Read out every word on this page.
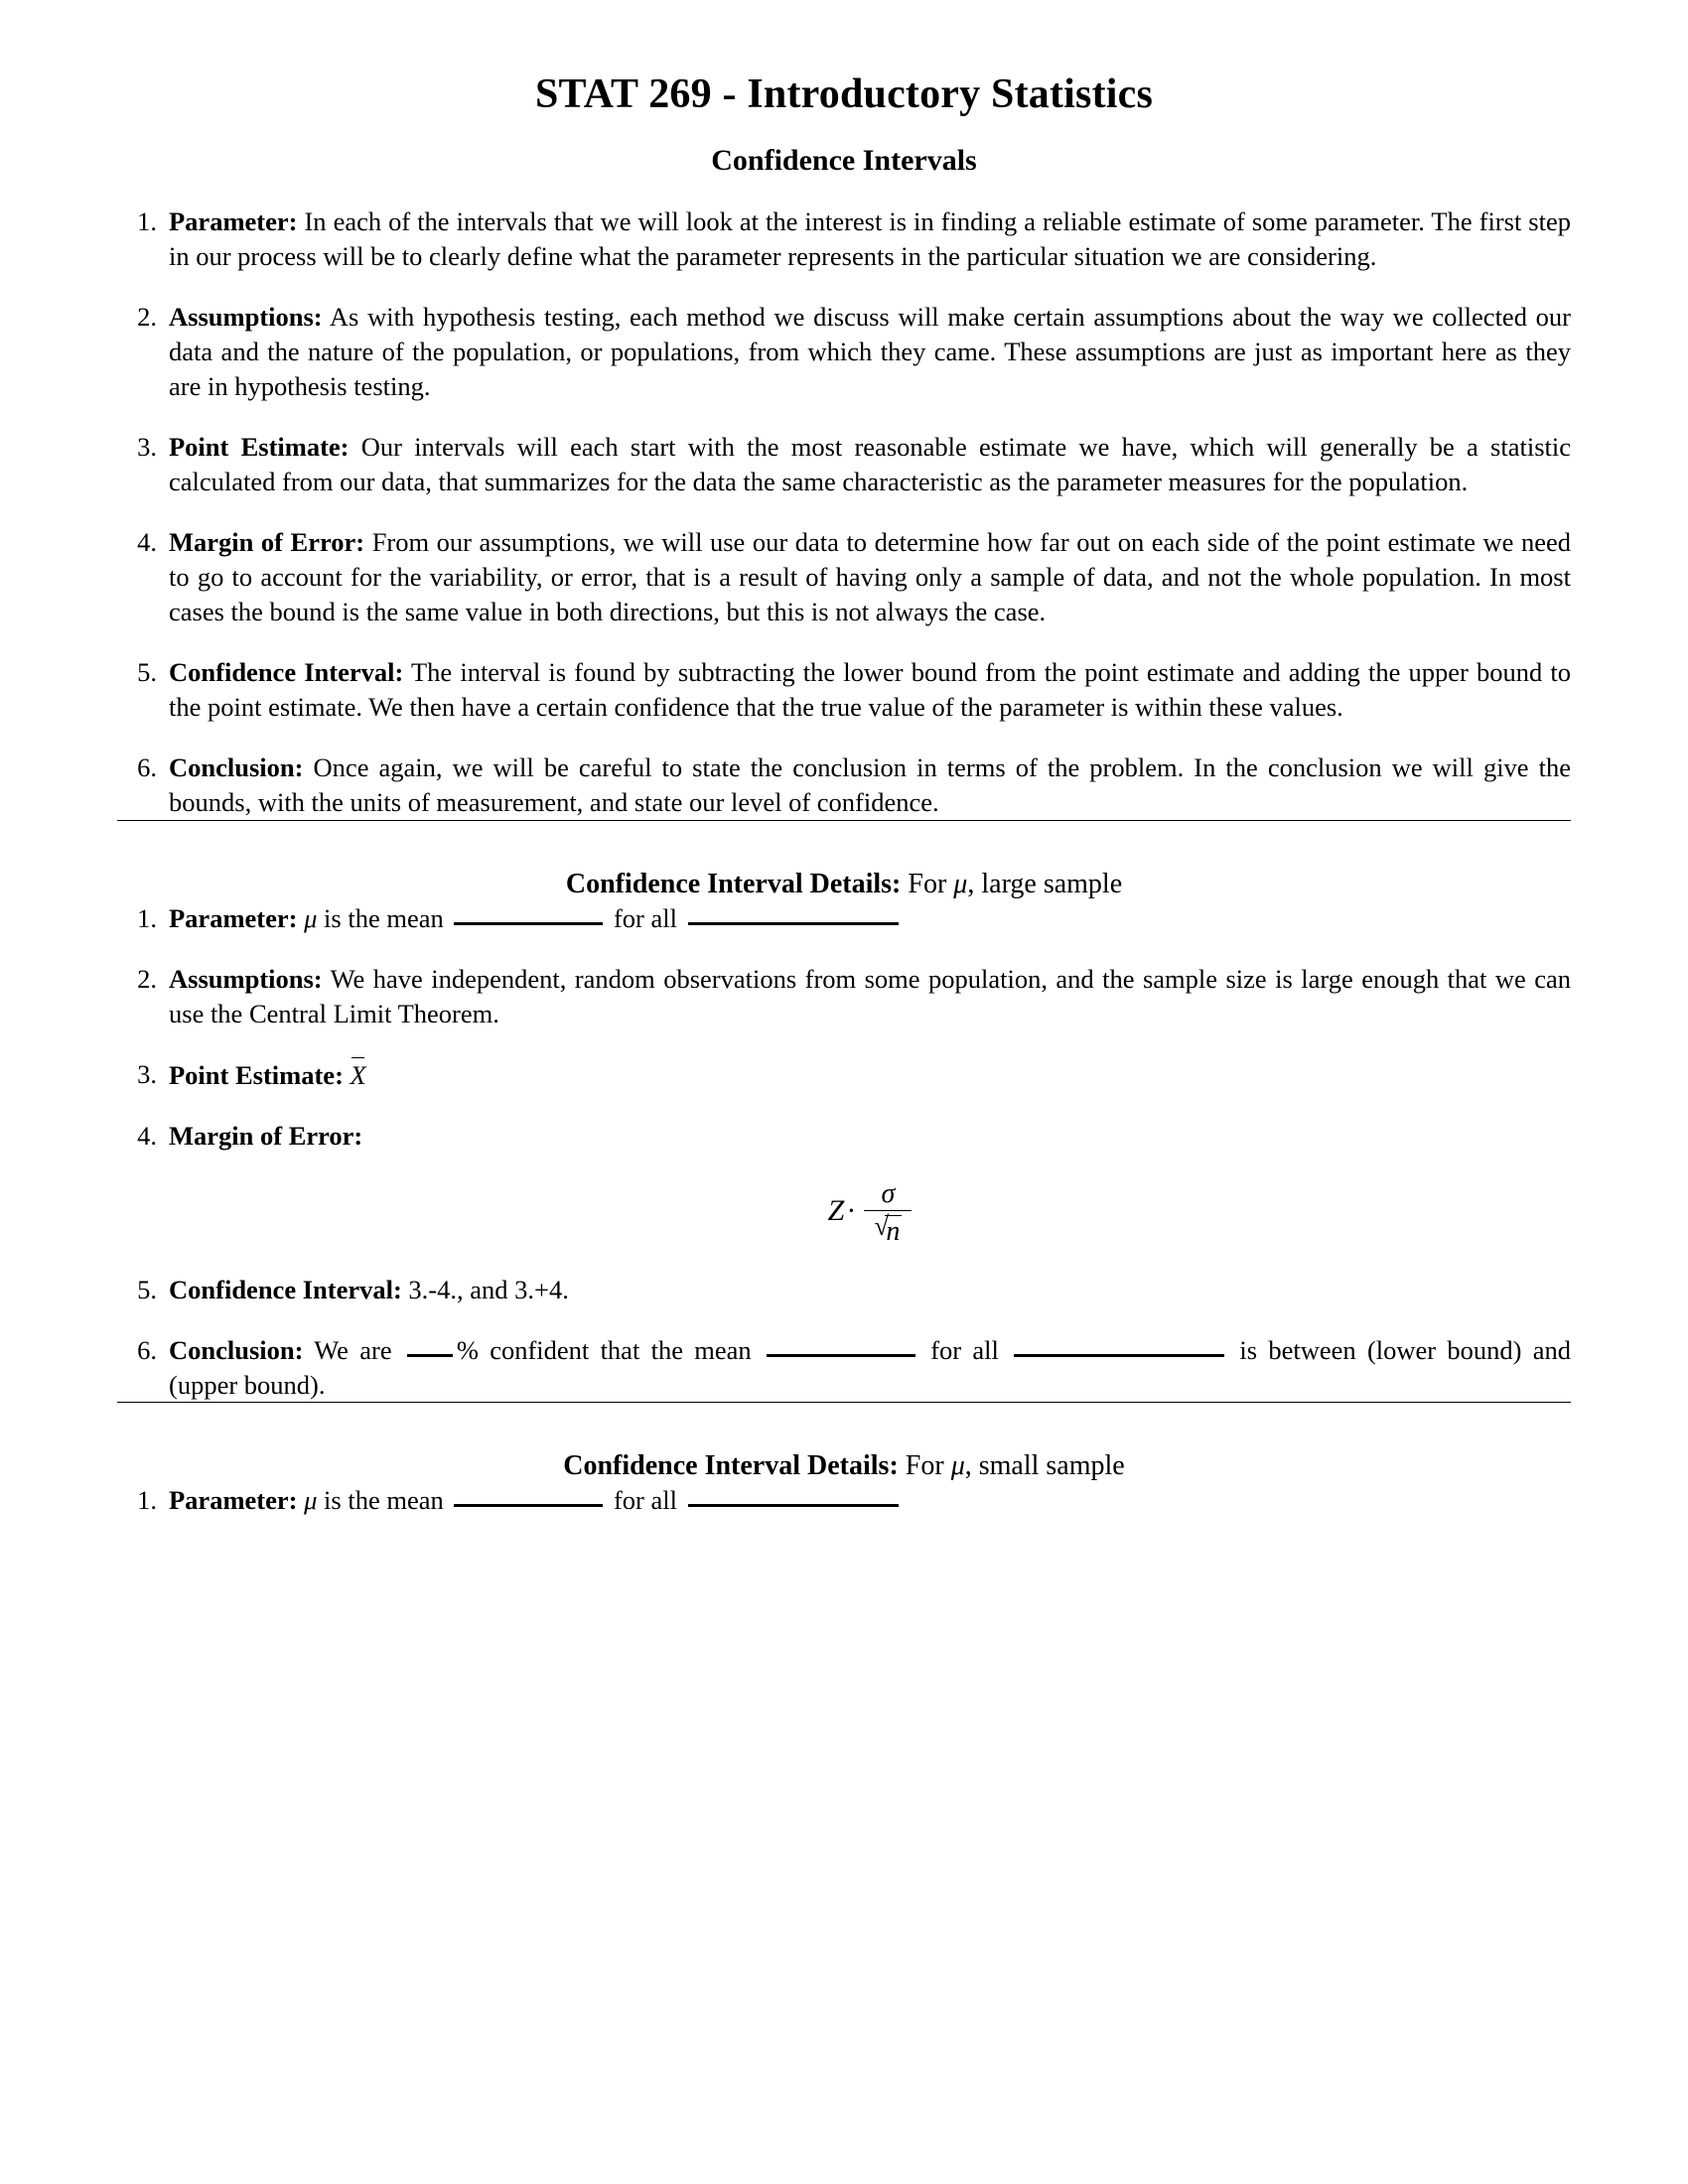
STAT 269 - Introductory Statistics
Confidence Intervals
1. Parameter: In each of the intervals that we will look at the interest is in finding a reliable estimate of some parameter. The first step in our process will be to clearly define what the parameter represents in the particular situation we are considering.
2. Assumptions: As with hypothesis testing, each method we discuss will make certain assumptions about the way we collected our data and the nature of the population, or populations, from which they came. These assumptions are just as important here as they are in hypothesis testing.
3. Point Estimate: Our intervals will each start with the most reasonable estimate we have, which will generally be a statistic calculated from our data, that summarizes for the data the same characteristic as the parameter measures for the population.
4. Margin of Error: From our assumptions, we will use our data to determine how far out on each side of the point estimate we need to go to account for the variability, or error, that is a result of having only a sample of data, and not the whole population. In most cases the bound is the same value in both directions, but this is not always the case.
5. Confidence Interval: The interval is found by subtracting the lower bound from the point estimate and adding the upper bound to the point estimate. We then have a certain confidence that the true value of the parameter is within these values.
6. Conclusion: Once again, we will be careful to state the conclusion in terms of the problem. In the conclusion we will give the bounds, with the units of measurement, and state our level of confidence.
Confidence Interval Details: For μ, large sample
1. Parameter: μ is the mean	for all
2. Assumptions: We have independent, random observations from some population, and the sample size is large enough that we can use the Central Limit Theorem.
3. Point Estimate: X
4. Margin of Error:
Z· σ
√ n
5. Confidence Interval: 3.-4., and 3.+4.
6. Conclusion: We are % confident that the mean	for all	is between (lower bound) and (upper bound).
Confidence Interval Details: For μ, small sample
1. Parameter: μ is the mean	for all
